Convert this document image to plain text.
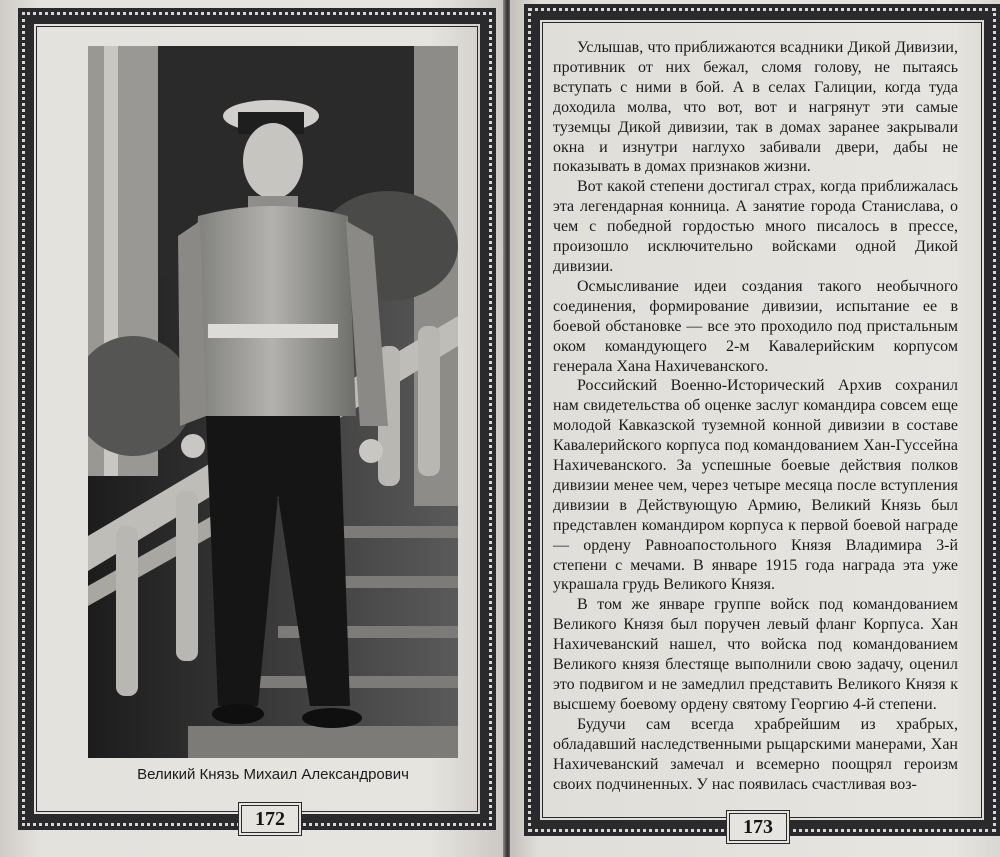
Великий Князь Михаил Александрович
172

Услышав, что приближаются всадники Дикой Дивизии, противник от них бежал, сломя голову, не пытаясь вступать с ними в бой. А в селах Галиции, когда туда доходила молва, что вот, вот и нагрянут эти самые туземцы Дикой дивизии, так в домах заранее закрывали окна и изнутри наглухо забивали двери, дабы не показывать в домах признаков жизни.

Вот какой степени достигал страх, когда приближалась эта легендарная конница. А занятие города Станислава, о чем с победной гордостью много писалось в прессе, произошло исключительно войсками одной Дикой дивизии.

Осмысливание идеи создания такого необычного соединения, формирование дивизии, испытание ее в боевой обстановке — все это проходило под пристальным оком командующего 2-м Кавалерийским корпусом генерала Хана Нахичеванского.

Российский Военно-Исторический Архив сохранил нам свидетельства об оценке заслуг командира совсем еще молодой Кавказской туземной конной дивизии в составе Кавалерийского корпуса под командованием Хан-Гуссейна Нахичеванского. За успешные боевые действия полков дивизии менее чем, через четыре месяца после вступления дивизии в Действующую Армию, Великий Князь был представлен командиром корпуса к первой боевой награде — ордену Равноапостольного Князя Владимира 3-й степени с мечами. В январе 1915 года награда эта уже украшала грудь Великого Князя.

В том же январе группе войск под командованием Великого Князя был поручен левый фланг Корпуса. Хан Нахичеванский нашел, что войска под командованием Великого князя блестяще выполнили свою задачу, оценил это подвигом и не замедлил представить Великого Князя к высшему боевому ордену святому Георгию 4-й степени.

Будучи сам всегда храбрейшим из храбрых, обладавший наследственными рыцарскими манерами, Хан Нахичеванский замечал и всемерно поощрял героизм своих подчиненных. У нас появилась счастливая воз-

173
